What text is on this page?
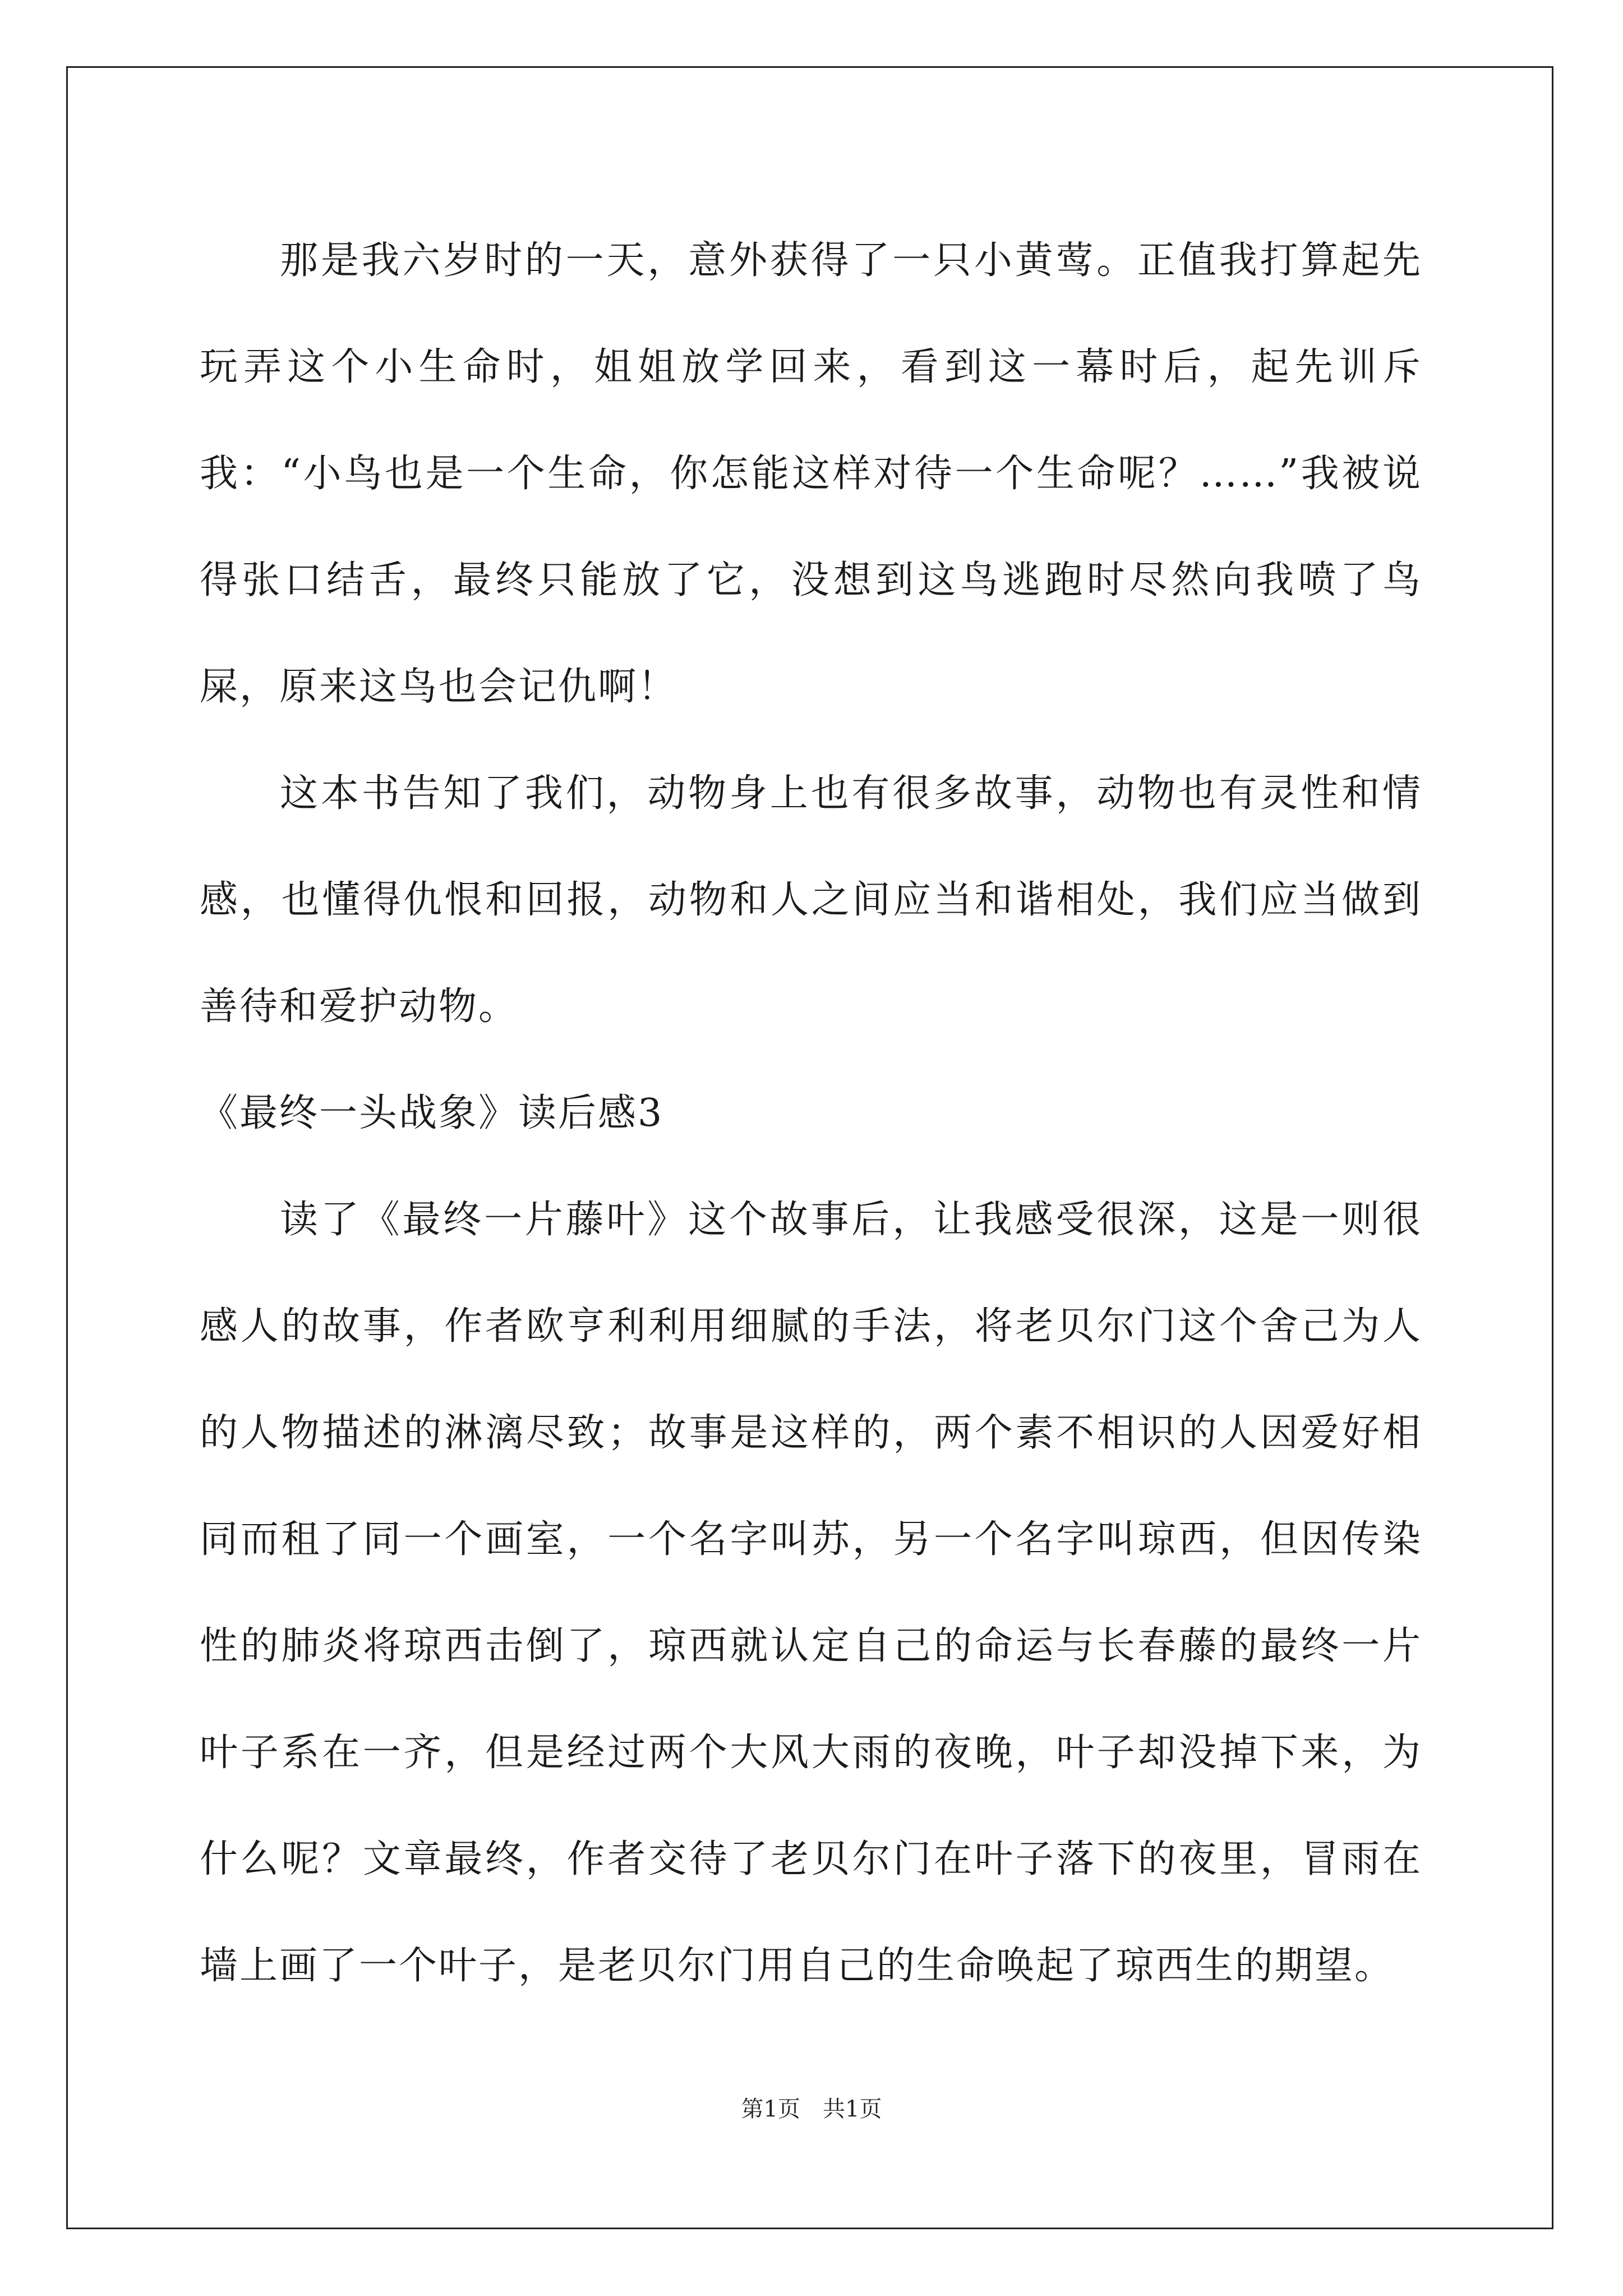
那是我六岁时的一天，意外获得了一只小黄莺。正值我打算起先玩弄这个小生命时，姐姐放学回来，看到这一幕时后，起先训斥我：“小鸟也是一个生命，你怎能这样对待一个生命呢？……”我被说得张口结舌，最终只能放了它，没想到这鸟逃跑时尽然向我喷了鸟屎，原来这鸟也会记仇啊！

这本书告知了我们，动物身上也有很多故事，动物也有灵性和情感，也懂得仇恨和回报，动物和人之间应当和谐相处，我们应当做到善待和爱护动物。

《最终一头战象》读后感3

读了《最终一片藤叶》这个故事后，让我感受很深，这是一则很感人的故事，作者欧亨利利用细腻的手法，将老贝尔门这个舍己为人的人物描述的淋漓尽致；故事是这样的，两个素不相识的人因爱好相同而租了同一个画室，一个名字叫苏，另一个名字叫琼西，但因传染性的肺炎将琼西击倒了，琼西就认定自己的命运与长春藤的最终一片叶子系在一齐，但是经过两个大风大雨的夜晚，叶子却没掉下来，为什么呢？文章最终，作者交待了老贝尔门在叶子落下的夜里，冒雨在墙上画了一个叶子，是老贝尔门用自己的生命唤起了琼西生的期望。

第1页　共1页
